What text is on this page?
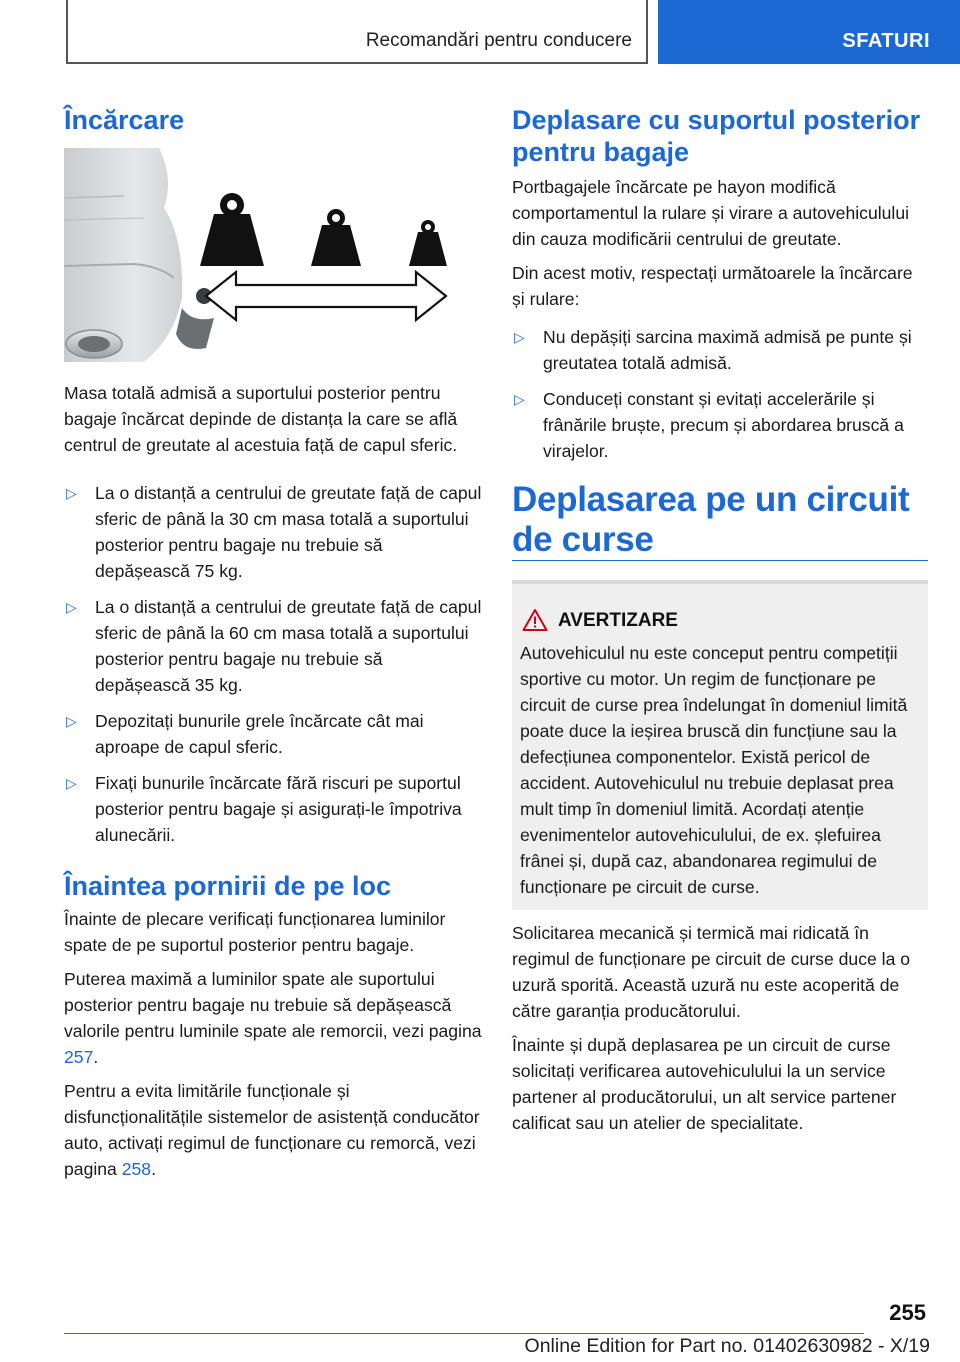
Recomandări pentru conducere	SFATURI
Încărcare

Masa totală admisă a suportului posterior pentru bagaje încărcat depinde de distanța la care se află centrul de greutate al acestuia față de capul sferic.

▷ La o distanță a centrului de greutate față de capul sferic de până la 30 cm masa totală a suportului posterior pentru bagaje nu trebuie să depășească 75 kg.
▷ La o distanță a centrului de greutate față de capul sferic de până la 60 cm masa totală a suportului posterior pentru bagaje nu trebuie să depășească 35 kg.
▷ Depozitați bunurile grele încărcate cât mai aproape de capul sferic.
▷ Fixați bunurile încărcate fără riscuri pe suportul posterior pentru bagaje și asigurați-le împotriva alunecării.
Înaintea pornirii de pe loc

Înainte de plecare verificați funcționarea luminilor spate de pe suportul posterior pentru bagaje.

Puterea maximă a luminilor spate ale suportului posterior pentru bagaje nu trebuie să depășească valorile pentru luminile spate ale remorcii, vezi pagina 257.

Pentru a evita limitările funcționale și disfuncționalitățile sistemelor de asistență conducător auto, activați regimul de funcționare cu remorcă, vezi pagina 258.

Deplasare cu suportul posterior pentru bagaje

Portbagajele încărcate pe hayon modifică comportamentul la rulare și virare a autovehiculului din cauza modificării centrului de greutate.

Din acest motiv, respectați următoarele la încărcare și rulare:

▷ Nu depășiți sarcina maximă admisă pe punte și greutatea totală admisă.
▷ Conduceți constant și evitați accelerările și frânările bruște, precum și abordarea bruscă a virajelor.
Deplasarea pe un circuit de curse
AVERTIZARE
Autovehiculul nu este conceput pentru competiții sportive cu motor. Un regim de funcționare pe circuit de curse prea îndelungat în domeniul limită poate duce la ieșirea bruscă din funcțiune sau la defecțiunea componentelor. Există pericol de accident. Autovehiculul nu trebuie deplasat prea mult timp în domeniul limită. Acordați atenție evenimentelor autovehiculului, de ex. șlefuirea frânei și, după caz, abandonarea regimului de funcționare pe circuit de curse.

Solicitarea mecanică și termică mai ridicată în regimul de funcționare pe circuit de curse duce la o uzură sporită. Această uzură nu este acoperită de către garanția producătorului.

Înainte și după deplasarea pe un circuit de curse solicitați verificarea autovehiculului la un service partener al producătorului, un alt service partener calificat sau un atelier de specialitate.

255
Online Edition for Part no. 01402630982 - X/19
